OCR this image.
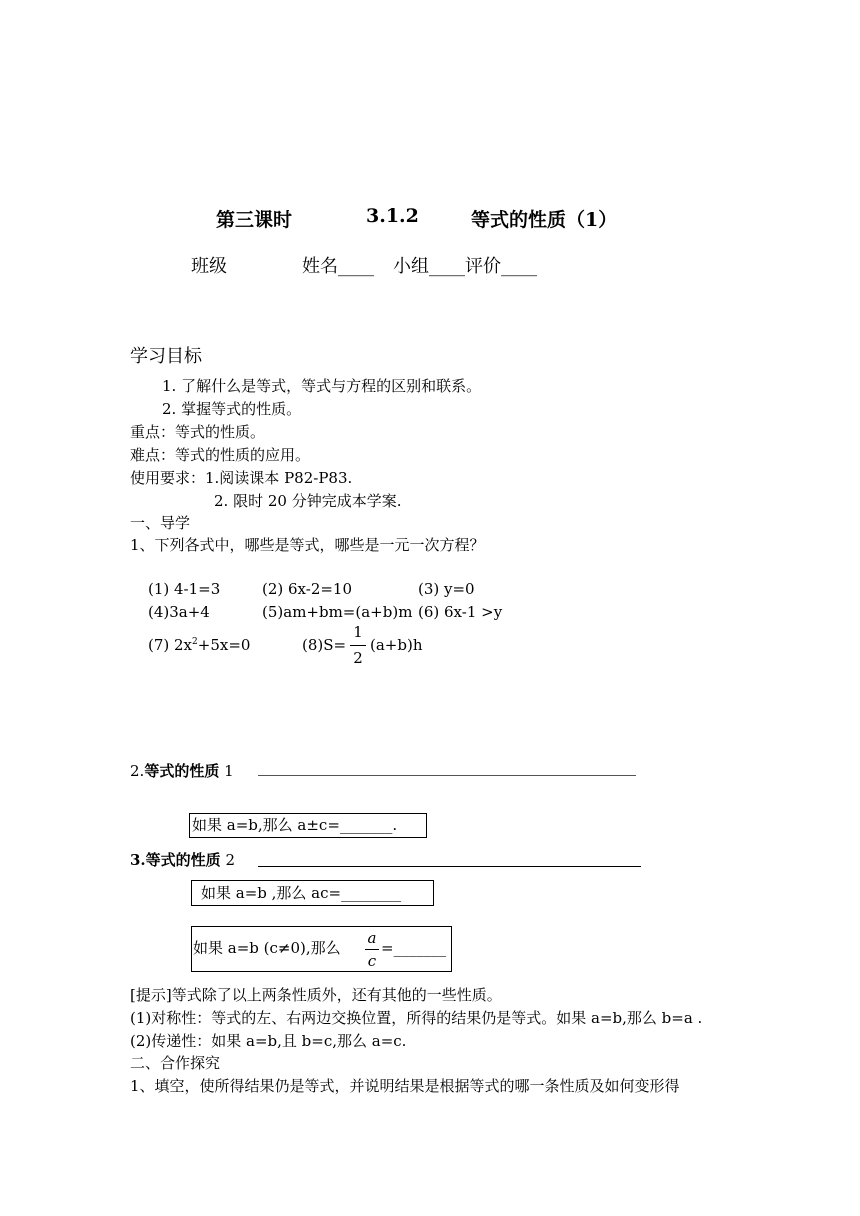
第三课时	3.1.2	等式的性质（1）
班级	姓名____ 小组____评价____
学习目标
1. 了解什么是等式，等式与方程的区别和联系。
2. 掌握等式的性质。
重点：等式的性质。
难点：等式的性质的应用。
使用要求：1.阅读课本 P82-P83.
2. 限时 20 分钟完成本学案.
一、导学
1、下列各式中，哪些是等式，哪些是一元一次方程？
(1) 4-1=3	(2) 6x-2=10	(3) y=0
(4)3a+4	(5)am+bm=(a+b)m (6) 6x-1 >y
(7) $2x^2+5x=0$	(8)S=
1
2
(a+b)h
2.等式的性质 1
如果 a=b,那么 a±c=_______.
3.等式的性质 2
如果 a=b ,那么 ac=________
如果 a=b (c≠0),那么
a
c
=_______
[提示]等式除了以上两条性质外，还有其他的一些性质。
(1)对称性：等式的左、右两边交换位置，所得的结果仍是等式。如果 a=b,那么 b=a .
(2)传递性：如果 a=b,且 b=c,那么 a=c.
二、合作探究
1、填空，使所得结果仍是等式，并说明结果是根据等式的哪一条性质及如何变形得
